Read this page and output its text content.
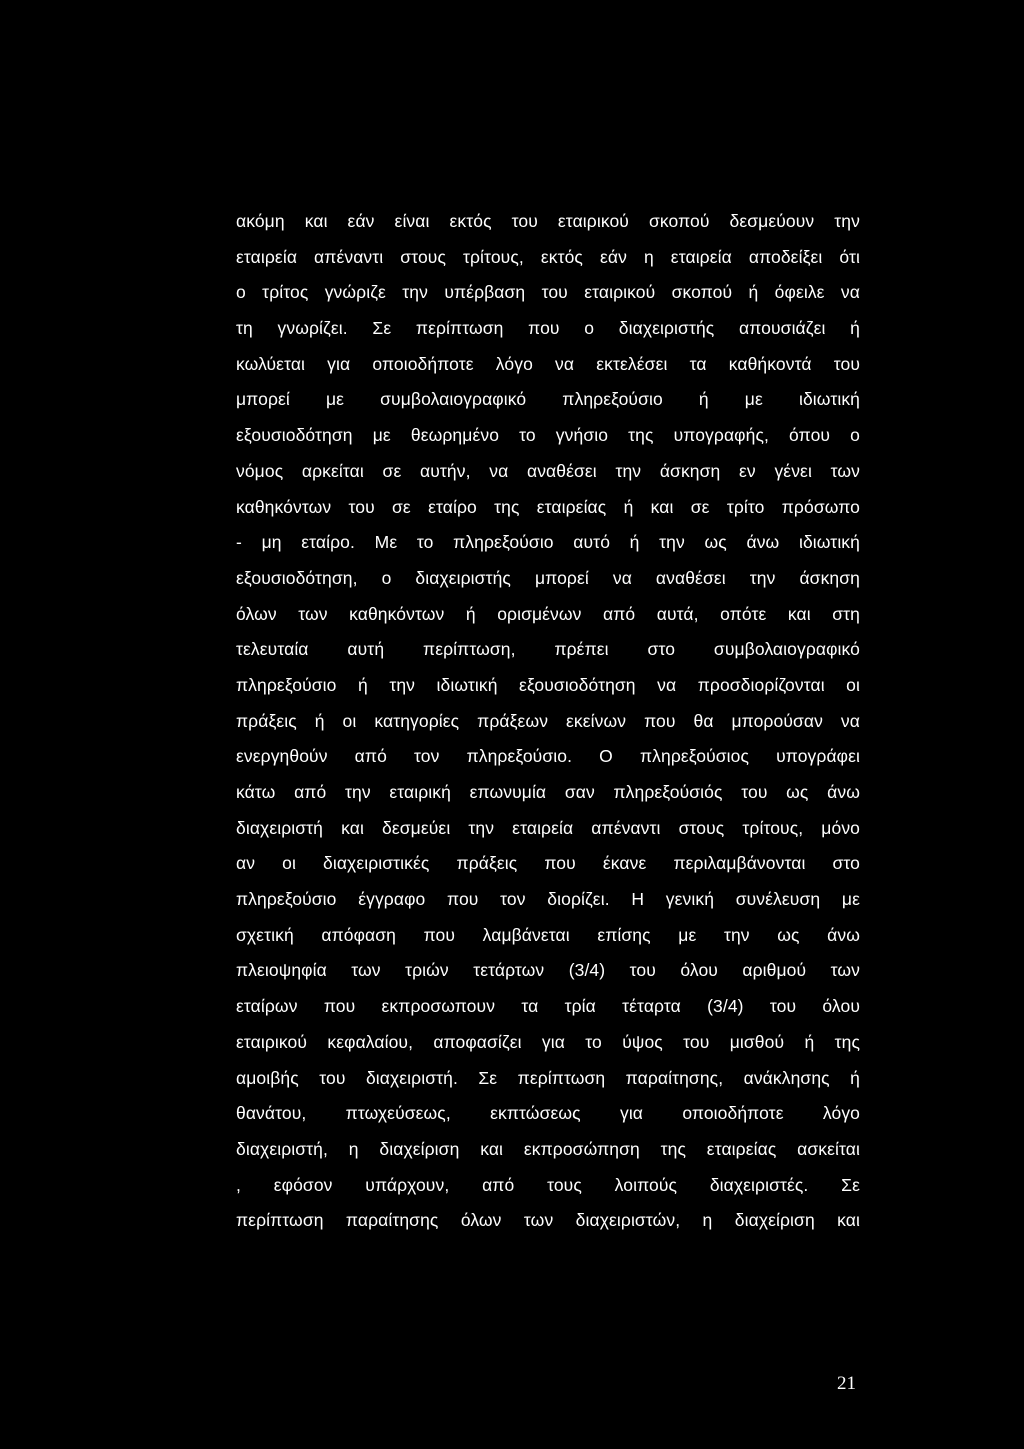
ακόμη και εάν είναι εκτός του εταιρικού σκοπού δεσμεύουν την
εταιρεία απέναντι στους τρίτους, εκτός εάν η εταιρεία αποδείξει ότι
ο τρίτος γνώριζε την υπέρβαση του εταιρικού σκοπού ή όφειλε να
τη γνωρίζει. Σε περίπτωση που ο διαχειριστής απουσιάζει ή
κωλύεται για οποιοδήποτε λόγο να εκτελέσει τα καθήκοντά του
μπορεί με συμβολαιογραφικό πληρεξούσιο ή με ιδιωτική
εξουσιοδότηση με θεωρημένο το γνήσιο της υπογραφής, όπου ο
νόμος αρκείται σε αυτήν, να αναθέσει την άσκηση εν γένει των
καθηκόντων του σε εταίρο της εταιρείας ή και σε τρίτο πρόσωπο
- μη εταίρο. Με το πληρεξούσιο αυτό ή την ως άνω ιδιωτική
εξουσιοδότηση, ο διαχειριστής μπορεί να αναθέσει την άσκηση
όλων των καθηκόντων ή ορισμένων από αυτά, οπότε και στη
τελευταία αυτή περίπτωση, πρέπει στο συμβολαιογραφικό
πληρεξούσιο ή την ιδιωτική εξουσιοδότηση να προσδιορίζονται οι
πράξεις ή οι κατηγορίες πράξεων εκείνων που θα μπορούσαν να
ενεργηθούν από τον πληρεξούσιο. Ο πληρεξούσιος υπογράφει
κάτω από την εταιρική επωνυμία σαν πληρεξούσιός του ως άνω
διαχειριστή και δεσμεύει την εταιρεία απέναντι στους τρίτους, μόνο
αν οι διαχειριστικές πράξεις που έκανε περιλαμβάνονται στο
πληρεξούσιο έγγραφο που τον διορίζει. Η γενική συνέλευση με
σχετική απόφαση που λαμβάνεται επίσης με την ως άνω
πλειοψηφία των τριών τετάρτων (3/4) του όλου αριθμού των
εταίρων που εκπροσωπουν τα τρία τέταρτα (3/4) του όλου
εταιρικού κεφαλαίου, αποφασίζει για το ύψος του μισθού ή της
αμοιβής του διαχειριστή. Σε περίπτωση παραίτησης, ανάκλησης ή
θανάτου, πτωχεύσεως, εκπτώσεως για οποιοδήποτε λόγο
διαχειριστή, η διαχείριση και εκπροσώπηση της εταιρείας ασκείται
, εφόσον υπάρχουν, από τους λοιπούς διαχειριστές. Σε
περίπτωση παραίτησης όλων των διαχειριστών, η διαχείριση και
21
